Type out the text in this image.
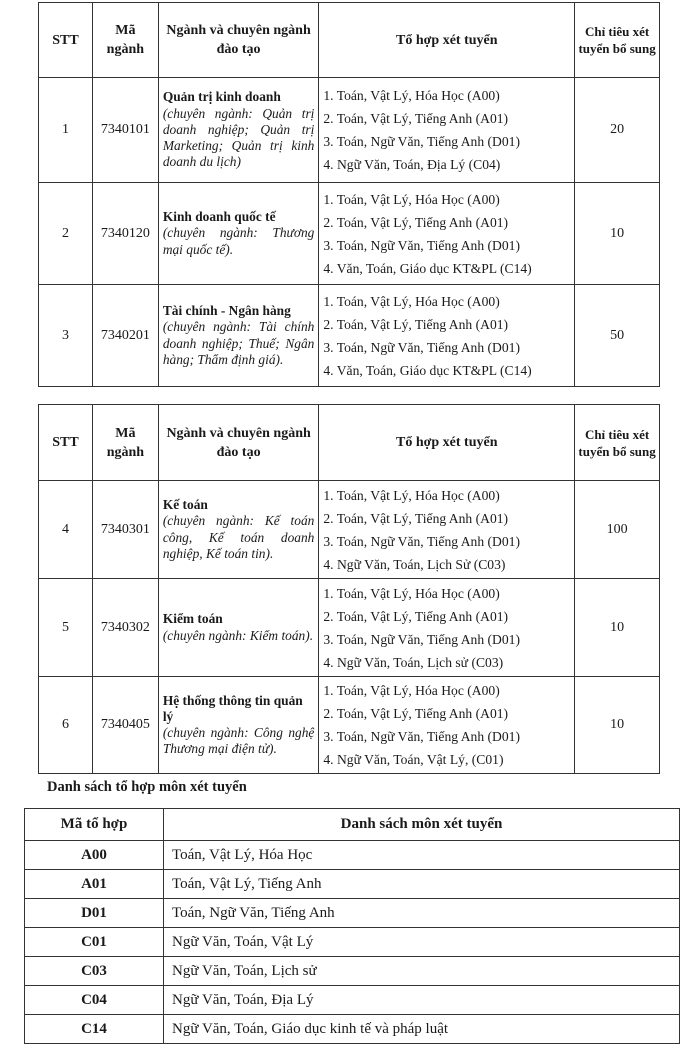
STT	Mã ngành	Ngành và chuyên ngành đào tạo	Tổ hợp xét tuyển	Chỉ tiêu xét tuyển bổ sung
1	7340101	Quản trị kinh doanh
(chuyên ngành: Quản trị doanh nghiệp; Quản trị Marketing; Quản trị kinh doanh du lịch)	1. Toán, Vật Lý, Hóa Học (A00)
2. Toán, Vật Lý, Tiếng Anh (A01)
3. Toán, Ngữ Văn, Tiếng Anh (D01)
4. Ngữ Văn, Toán, Địa Lý (C04)	20
2	7340120	Kinh doanh quốc tế
(chuyên ngành: Thương mại quốc tế).	1. Toán, Vật Lý, Hóa Học (A00)
2. Toán, Vật Lý, Tiếng Anh (A01)
3. Toán, Ngữ Văn, Tiếng Anh (D01)
4. Văn, Toán, Giáo dục KT&PL (C14)	10
3	7340201	Tài chính - Ngân hàng
(chuyên ngành: Tài chính doanh nghiệp; Thuế; Ngân hàng; Thẩm định giá).	1. Toán, Vật Lý, Hóa Học (A00)
2. Toán, Vật Lý, Tiếng Anh (A01)
3. Toán, Ngữ Văn, Tiếng Anh (D01)
4. Văn, Toán, Giáo dục KT&PL (C14)	50
STT	Mã ngành	Ngành và chuyên ngành đào tạo	Tổ hợp xét tuyển	Chỉ tiêu xét tuyển bổ sung
4	7340301	Kế toán
(chuyên ngành: Kế toán công, Kế toán doanh nghiệp, Kế toán tin).	1. Toán, Vật Lý, Hóa Học (A00)
2. Toán, Vật Lý, Tiếng Anh (A01)
3. Toán, Ngữ Văn, Tiếng Anh (D01)
4. Ngữ Văn, Toán, Lịch Sử (C03)	100
5	7340302	Kiểm toán
(chuyên ngành: Kiểm toán).	1. Toán, Vật Lý, Hóa Học (A00)
2. Toán, Vật Lý, Tiếng Anh (A01)
3. Toán, Ngữ Văn, Tiếng Anh (D01)
4. Ngữ Văn, Toán, Lịch sử (C03)	10
6	7340405	Hệ thống thông tin quản lý
(chuyên ngành: Công nghệ Thương mại điện tử).	1. Toán, Vật Lý, Hóa Học (A00)
2. Toán, Vật Lý, Tiếng Anh (A01)
3. Toán, Ngữ Văn, Tiếng Anh (D01)
4. Ngữ Văn, Toán, Vật Lý, (C01)	10
Danh sách tổ hợp môn xét tuyển
Mã tổ hợp	Danh sách môn xét tuyển
A00	Toán, Vật Lý, Hóa Học
A01	Toán, Vật Lý, Tiếng Anh
D01	Toán, Ngữ Văn, Tiếng Anh
C01	Ngữ Văn, Toán, Vật Lý
C03	Ngữ Văn, Toán, Lịch sử
C04	Ngữ Văn, Toán, Địa Lý
C14	Ngữ Văn, Toán, Giáo dục kinh tế và pháp luật
